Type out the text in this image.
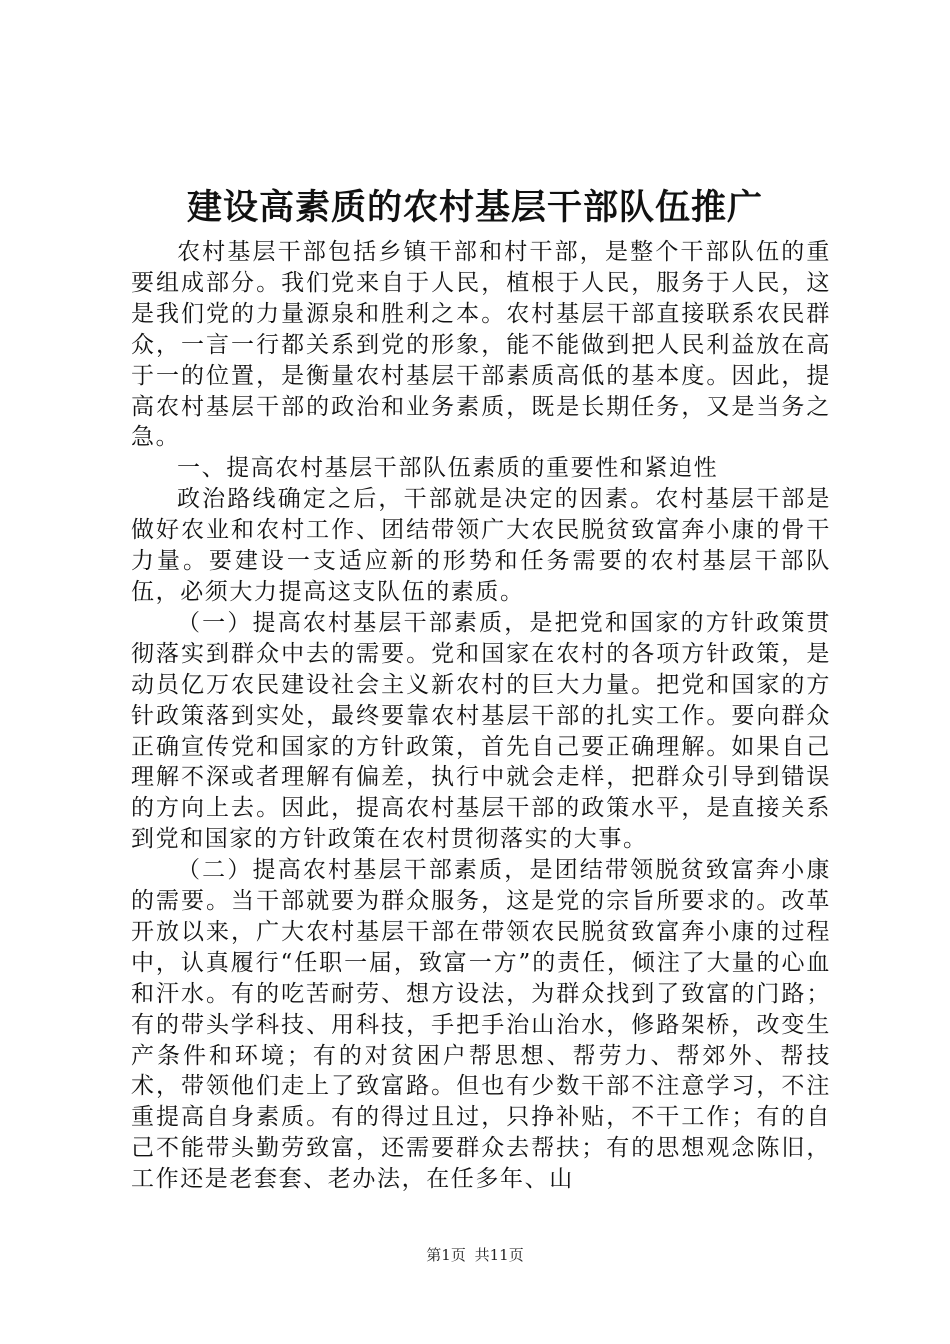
建设高素质的农村基层干部队伍推广

农村基层干部包括乡镇干部和村干部，是整个干部队伍的重要组成部分。我们党来自于人民，植根于人民，服务于人民，这是我们党的力量源泉和胜利之本。农村基层干部直接联系农民群众，一言一行都关系到党的形象，能不能做到把人民利益放在高于一的位置，是衡量农村基层干部素质高低的基本度。因此，提高农村基层干部的政治和业务素质，既是长期任务，又是当务之急。

一、提高农村基层干部队伍素质的重要性和紧迫性

政治路线确定之后，干部就是决定的因素。农村基层干部是做好农业和农村工作、团结带领广大农民脱贫致富奔小康的骨干力量。要建设一支适应新的形势和任务需要的农村基层干部队伍，必须大力提高这支队伍的素质。

（一）提高农村基层干部素质，是把党和国家的方针政策贯彻落实到群众中去的需要。党和国家在农村的各项方针政策，是动员亿万农民建设社会主义新农村的巨大力量。把党和国家的方针政策落到实处，最终要靠农村基层干部的扎实工作。要向群众正确宣传党和国家的方针政策，首先自己要正确理解。如果自己理解不深或者理解有偏差，执行中就会走样，把群众引导到错误的方向上去。因此，提高农村基层干部的政策水平，是直接关系到党和国家的方针政策在农村贯彻落实的大事。

（二）提高农村基层干部素质，是团结带领脱贫致富奔小康的需要。当干部就要为群众服务，这是党的宗旨所要求的。改革开放以来，广大农村基层干部在带领农民脱贫致富奔小康的过程中，认真履行“任职一届，致富一方”的责任，倾注了大量的心血和汗水。有的吃苦耐劳、想方设法，为群众找到了致富的门路；有的带头学科技、用科技，手把手治山治水，修路架桥，改变生产条件和环境；有的对贫困户帮思想、帮劳力、帮郊外、帮技术，带领他们走上了致富路。但也有少数干部不注意学习，不注重提高自身素质。有的得过且过，只挣补贴，不干工作；有的自己不能带头勤劳致富，还需要群众去帮扶；有的思想观念陈旧，工作还是老套套、老办法，在任多年、山

第1页 共11页
